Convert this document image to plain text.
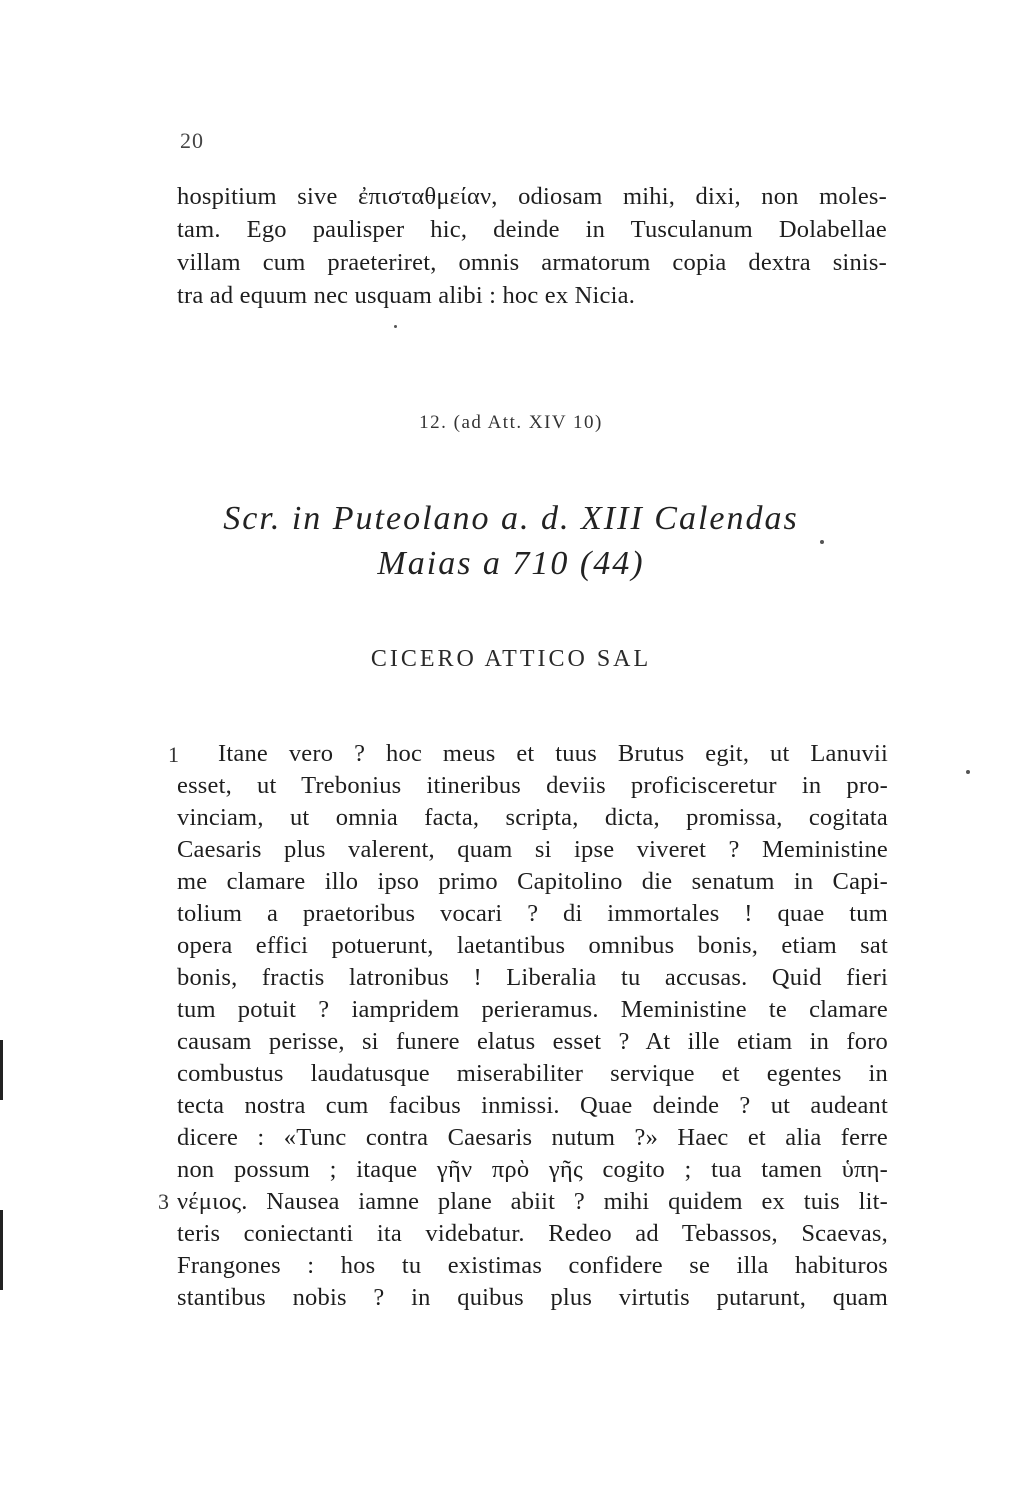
20
hospitium sive ἐπισταθμείαν, odiosam mihi, dixi, non moles-
tam. Ego paulisper hic, deinde in Tusculanum Dolabellae
villam cum praeteriret, omnis armatorum copia dextra sinis-
tra ad equum nec usquam alibi : hoc ex Nicia.
12. (ad Att. XIV 10)
Scr. in Puteolano a. d. XIII Calendas
Maias a 710 (44)
CICERO ATTICO SAL
1
3
Itane vero ? hoc meus et tuus Brutus egit, ut Lanuvii
esset, ut Trebonius itineribus deviis proficisceretur in pro-
vinciam, ut omnia facta, scripta, dicta, promissa, cogitata
Caesaris plus valerent, quam si ipse viveret ? Meministine
me clamare illo ipso primo Capitolino die senatum in Capi-
tolium a praetoribus vocari ? di immortales ! quae tum
opera effici potuerunt, laetantibus omnibus bonis, etiam sat
bonis, fractis latronibus ! Liberalia tu accusas. Quid fieri
tum potuit ? iampridem perieramus. Meministine te clamare
causam perisse, si funere elatus esset ? At ille etiam in foro
combustus laudatusque miserabiliter servique et egentes in
tecta nostra cum facibus inmissi. Quae deinde ? ut audeant
dicere : «Tunc contra Caesaris nutum ?» Haec et alia ferre
non possum ; itaque γῆν πρὸ γῆς cogito ; tua tamen ὑπη-
νέμιος. Nausea iamne plane abiit ? mihi quidem ex tuis lit-
teris coniectanti ita videbatur. Redeo ad Tebassos, Scaevas,
Frangones : hos tu existimas confidere se illa habituros
stantibus nobis ? in quibus plus virtutis putarunt, quam
